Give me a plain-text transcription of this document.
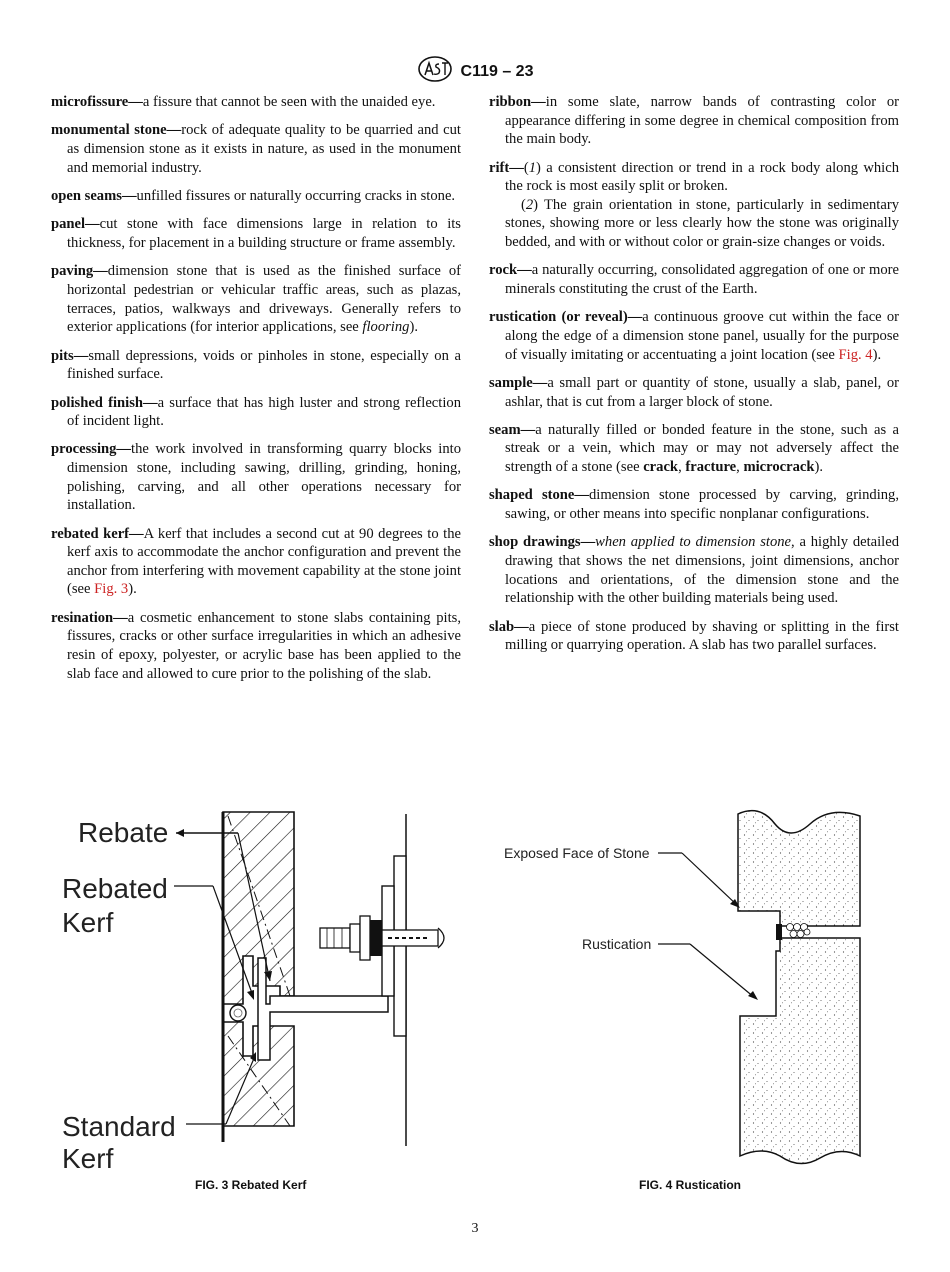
C119 – 23

microfissure—a fissure that cannot be seen with the unaided eye.

monumental stone—rock of adequate quality to be quarried and cut as dimension stone as it exists in nature, as used in the monument and memorial industry.

open seams—unfilled fissures or naturally occurring cracks in stone.

panel—cut stone with face dimensions large in relation to its thickness, for placement in a building structure or frame assembly.

paving—dimension stone that is used as the finished surface of horizontal pedestrian or vehicular traffic areas, such as plazas, terraces, patios, walkways and driveways. Generally refers to exterior applications (for interior applications, see flooring).

pits—small depressions, voids or pinholes in stone, especially on a finished surface.

polished finish—a surface that has high luster and strong reflection of incident light.

processing—the work involved in transforming quarry blocks into dimension stone, including sawing, drilling, grinding, honing, polishing, carving, and all other operations necessary for installation.

rebated kerf—A kerf that includes a second cut at 90 degrees to the kerf axis to accommodate the anchor configuration and prevent the anchor from interfering with movement capability at the stone joint (see Fig. 3).

resination—a cosmetic enhancement to stone slabs containing pits, fissures, cracks or other surface irregularities in which an adhesive resin of epoxy, polyester, or acrylic base has been applied to the slab face and allowed to cure prior to the polishing of the slab.

ribbon—in some slate, narrow bands of contrasting color or appearance differing in some degree in chemical composition from the main body.

rift—(1) a consistent direction or trend in a rock body along which the rock is most easily split or broken.
(2) The grain orientation in stone, particularly in sedimentary stones, showing more or less clearly how the stone was originally bedded, and with or without color or grain-size changes or voids.

rock—a naturally occurring, consolidated aggregation of one or more minerals constituting the crust of the Earth.

rustication (or reveal)—a continuous groove cut within the face or along the edge of a dimension stone panel, usually for the purpose of visually imitating or accentuating a joint location (see Fig. 4).

sample—a small part or quantity of stone, usually a slab, panel, or ashlar, that is cut from a larger block of stone.

seam—a naturally filled or bonded feature in the stone, such as a streak or a vein, which may or may not adversely affect the strength of a stone (see crack, fracture, microcrack).

shaped stone—dimension stone processed by carving, grinding, sawing, or other means into specific nonplanar configurations.

shop drawings—when applied to dimension stone, a highly detailed drawing that shows the net dimensions, joint dimensions, anchor locations and orientations, of the dimension stone and the relationship with the other building materials being used.

slab—a piece of stone produced by shaving or splitting in the first milling or quarrying operation. A slab has two parallel surfaces.

Rebate
Rebated
Kerf
Standard
Kerf
Exposed Face of Stone
Rustication
FIG. 3 Rebated Kerf	FIG. 4 Rustication
3
